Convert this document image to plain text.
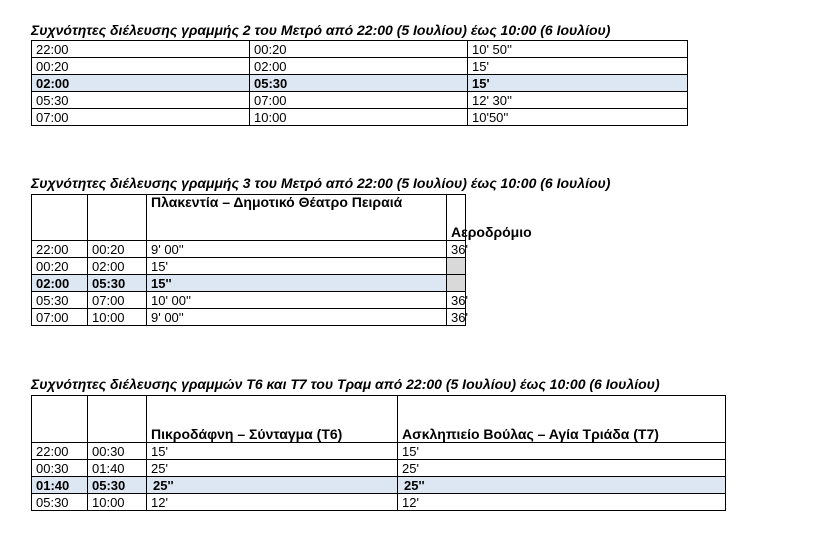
Συχνότητες διέλευσης γραμμής 2 του Μετρό από 22:00 (5 Ιουλίου) έως 10:00 (6 Ιουλίου)
22:00	00:20	10' 50''
00:20	02:00	15'
02:00	05:30	15'
05:30	07:00	12' 30''
07:00	10:00	10'50''
Συχνότητες διέλευσης γραμμής 3 του Μετρό από 22:00 (5 Ιουλίου) έως 10:00 (6 Ιουλίου)
		Πλακεντία – Δημοτικό Θέατρο Πειραιά	Αεροδρόμιο
22:00	00:20	9' 00''	36'
00:20	02:00	15'	
02:00	05:30	15''	
05:30	07:00	10' 00''	36'
07:00	10:00	9' 00''	36'
Συχνότητες διέλευσης γραμμών Τ6 και Τ7 του Τραμ από 22:00 (5 Ιουλίου) έως 10:00 (6 Ιουλίου)
		Πικροδάφνη – Σύνταγμα (Τ6)	Ασκληπιείο Βούλας – Αγία Τριάδα (Τ7)
22:00	00:30	15'	15'
00:30	01:40	25'	25'
01:40	05:30	25''	25''
05:30	10:00	12'	12'
